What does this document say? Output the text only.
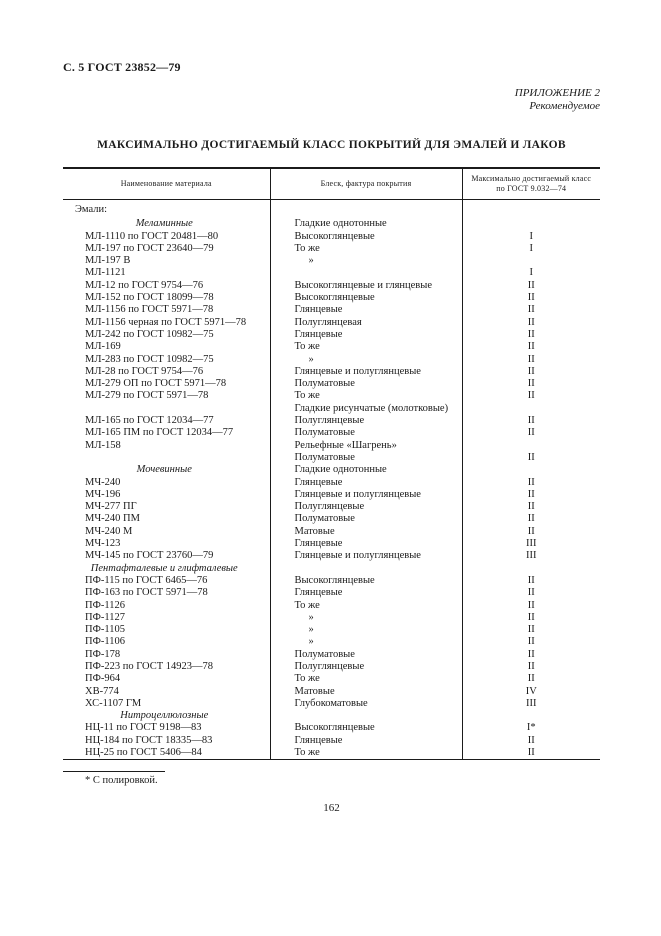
С. 5 ГОСТ 23852—79
ПРИЛОЖЕНИЕ 2
Рекомендуемое
МАКСИМАЛЬНО ДОСТИГАЕМЫЙ КЛАСС ПОКРЫТИЙ ДЛЯ ЭМАЛЕЙ И ЛАКОВ
Наименование материала	Блеск, фактура покрытия	Максимально достигаемый класс по ГОСТ 9.032—74
Эмали:		
Меламинные	Гладкие однотонные	
МЛ-1110 по ГОСТ 20481—80	Высокоглянцевые	I
МЛ-197 по ГОСТ 23640—79	То же	I
МЛ-197 В	»	
МЛ-1121		I
МЛ-12 по ГОСТ 9754—76	Высокоглянцевые и глянцевые	II
МЛ-152 по ГОСТ 18099—78	Высокоглянцевые	II
МЛ-1156 по ГОСТ 5971—78	Глянцевые	II
МЛ-1156 черная по ГОСТ 5971—78	Полуглянцевая	II
МЛ-242 по ГОСТ 10982—75	Глянцевые	II
МЛ-169	То же	II
МЛ-283 по ГОСТ 10982—75	»	II
МЛ-28 по ГОСТ 9754—76	Глянцевые и полуглянцевые	II
МЛ-279 ОП по ГОСТ 5971—78	Полуматовые	II
МЛ-279 по ГОСТ 5971—78	То же	II
	Гладкие рисунчатые (молотковые)	
МЛ-165 по ГОСТ 12034—77	Полуглянцевые	II
МЛ-165 ПМ по ГОСТ 12034—77	Полуматовые	II
МЛ-158	Рельефные «Шагрень»	
	Полуматовые	II
Мочевинные	Гладкие однотонные	
МЧ-240	Глянцевые	II
МЧ-196	Глянцевые и полуглянцевые	II
МЧ-277 ПГ	Полуглянцевые	II
МЧ-240 ПМ	Полуматовые	II
МЧ-240 М	Матовые	II
МЧ-123	Глянцевые	III
МЧ-145 по ГОСТ 23760—79	Глянцевые и полуглянцевые	III
Пентафталевые и глифталевые		
ПФ-115 по ГОСТ 6465—76	Высокоглянцевые	II
ПФ-163 по ГОСТ 5971—78	Глянцевые	II
ПФ-1126	То же	II
ПФ-1127	»	II
ПФ-1105	»	II
ПФ-1106	»	II
ПФ-178	Полуматовые	II
ПФ-223 по ГОСТ 14923—78	Полуглянцевые	II
ПФ-964	То же	II
ХВ-774	Матовые	IV
ХС-1107 ГМ	Глубокоматовые	III
Нитроцеллюлозные		
НЦ-11 по ГОСТ 9198—83	Высокоглянцевые	I*
НЦ-184 по ГОСТ 18335—83	Глянцевые	II
НЦ-25 по ГОСТ 5406—84	То же	II
* С полировкой.
162
